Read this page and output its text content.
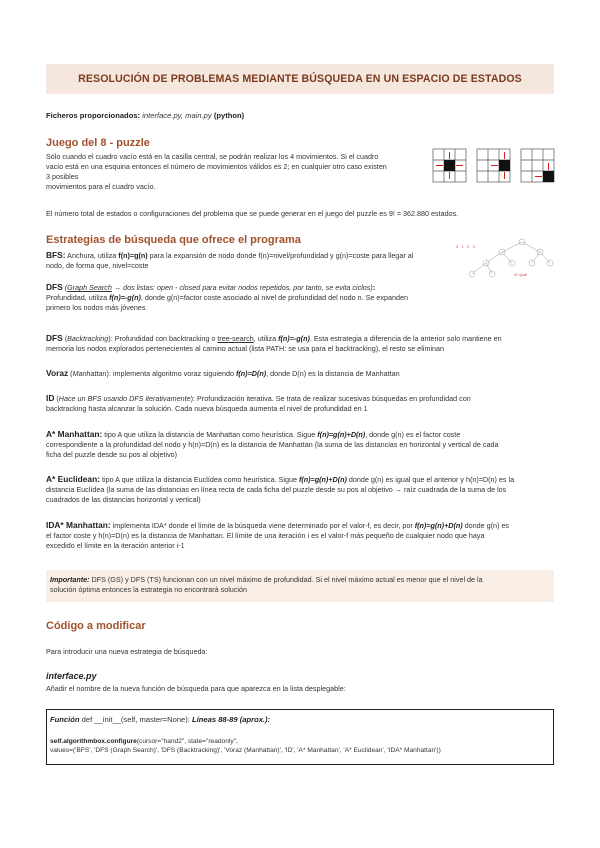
RESOLUCIÓN DE PROBLEMAS MEDIANTE BÚSQUEDA EN UN ESPACIO DE ESTADOS
Ficheros proporcionados: interface.py, main.py (python)
Juego del 8 - puzzle
Sólo cuando el cuadro vacío está en la casilla central, se podrán realizar los 4 movimientos. Si el cuadro
vacío está en una esquina entonces el número de movimientos válidos es 2; en cualquier otro caso existen
3 posibles
movimientos para el cuadro vacío.
El número total de estados o configuraciones del problema que se puede generar en el juego del puzzle es 9! = 362.880 estados.
Estrategias de búsqueda que ofrece el programa
0   1   2   3
A* goal
BFS: Anchura, utiliza f(n)=g(n) para la expansión de nodo donde f(n)=nivel/profundidad y g(n)=coste para llegar al
nodo, de forma que, nivel=coste
DFS (Graph Search → dos listas: open - closed para evitar nodos repetidos, por tanto, se evita ciclos):
Profundidad, utiliza f(n)=-g(n), donde g(n)=factor coste asociado al nivel de profundidad del nodo n. Se expanden
primero los nodos más jóvenes
DFS (Backtracking): Profundidad con backtracking o tree-search, utiliza f(n)=-g(n). Esta estrategia a diferencia de la anterior solo mantiene en
memoria los nodos explorados pertenecientes al camino actual (lista PATH: se usa para el backtracking), el resto se eliminan
Voraz (Manhattan): implementa algoritmo voraz siguiendo f(n)=D(n), donde D(n) es la distancia de Manhattan
ID (Hace un BFS usando DFS iterativamente): Profundización iterativa. Se trata de realizar sucesivas búsquedas en profundidad con
backtracking hasta alcanzar la solución. Cada nueva búsqueda aumenta el nivel de profundidad en 1
A* Manhattan: tipo A que utiliza la distancia de Manhattan como heurística. Sigue f(n)=g(n)+D(n), donde g(n) es el factor coste
correspondiente a la profundidad del nodo y h(n)=D(n) es la distancia de Manhattan (la suma de las distancias en horizontal y vertical de cada
ficha del puzzle desde su pos al objetivo)
A* Euclidean: tipo A que utiliza la distancia Euclídea como heurística. Sigue f(n)=g(n)+D(n) donde g(n) es igual que el anterior y h(n)=D(n) es la
distancia Euclídea (la suma de las distancias en línea recta de cada ficha del puzzle desde su pos al objetivo → raíz cuadrada de la suma de los
cuadrados de las distancias horizontal y vertical)
IDA* Manhattan: implementa IDA* donde el límite de la búsqueda viene determinado por el valor-f, es decir, por f(n)=g(n)+D(n) donde g(n) es
el factor coste y h(n)=D(n) es la distancia de Manhattan. El límite de una iteración i es el valor-f más pequeño de cualquier nodo que haya
excedido el límite en la iteración anterior i-1
Importante: DFS (GS) y DFS (TS) funcionan con un nivel máximo de profundidad. Si el nivel máximo actual es menor que el nivel de la
solución óptima entonces la estrategia no encontrará solución
Código a modificar
Para introducir una nueva estrategia de búsqueda:
interface.py
Añadir el nombre de la nueva función de búsqueda para que aparezca en la lista desplegable:
Función def __init__(self, master=None): Líneas 88-89 (aprox.):
self.algorithmbox.configure(cursor="hand2", state="readonly",
values=('BFS', 'DFS (Graph Search)', 'DFS (Backtracking)', 'Voraz (Manhattan)', 'ID', 'A* Manhattan', 'A* Euclidean', 'IDA* Manhattan'))
